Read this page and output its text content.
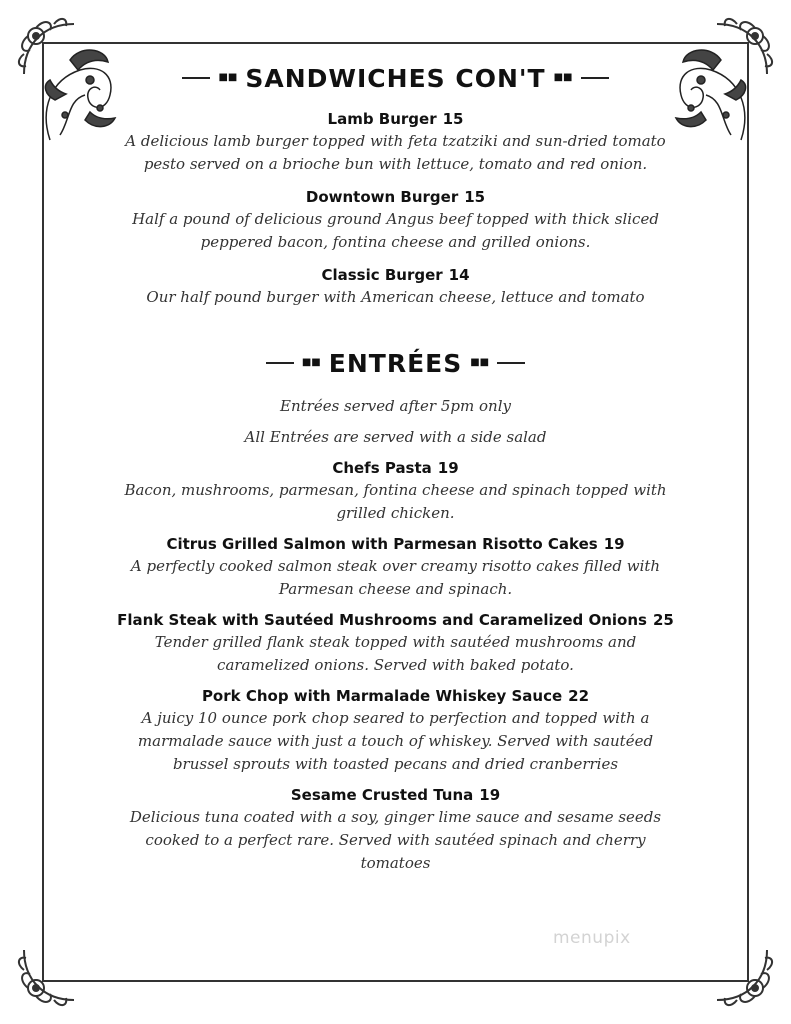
■■ SANDWICHES CON'T ■■
Lamb Burger 15
A delicious lamb burger topped with feta tzatziki and sun-dried tomato pesto served on a brioche bun with lettuce, tomato and red onion.
Downtown Burger 15
Half a pound of delicious ground Angus beef topped with thick sliced peppered bacon, fontina cheese and grilled onions.
Classic Burger 14
Our half pound burger with American cheese, lettuce and tomato
■■ ENTRÉES ■■
Entrées served after 5pm only
All Entrées are served with a side salad
Chefs Pasta 19
Bacon, mushrooms, parmesan, fontina cheese and spinach topped with grilled chicken.
Citrus Grilled Salmon with Parmesan Risotto Cakes 19
A perfectly cooked salmon steak over creamy risotto cakes filled with Parmesan cheese and spinach.
Flank Steak with Sautéed Mushrooms and Caramelized Onions 25
Tender grilled flank steak topped with sautéed mushrooms and caramelized onions. Served with baked potato.
Pork Chop with Marmalade Whiskey Sauce 22
A juicy 10 ounce pork chop seared to perfection and topped with a marmalade sauce with just a touch of whiskey. Served with sautéed brussel sprouts with toasted pecans and dried cranberries
Sesame Crusted Tuna 19
Delicious tuna coated with a soy, ginger lime sauce and sesame seeds cooked to a perfect rare. Served with sautéed spinach and cherry tomatoes
menupix
